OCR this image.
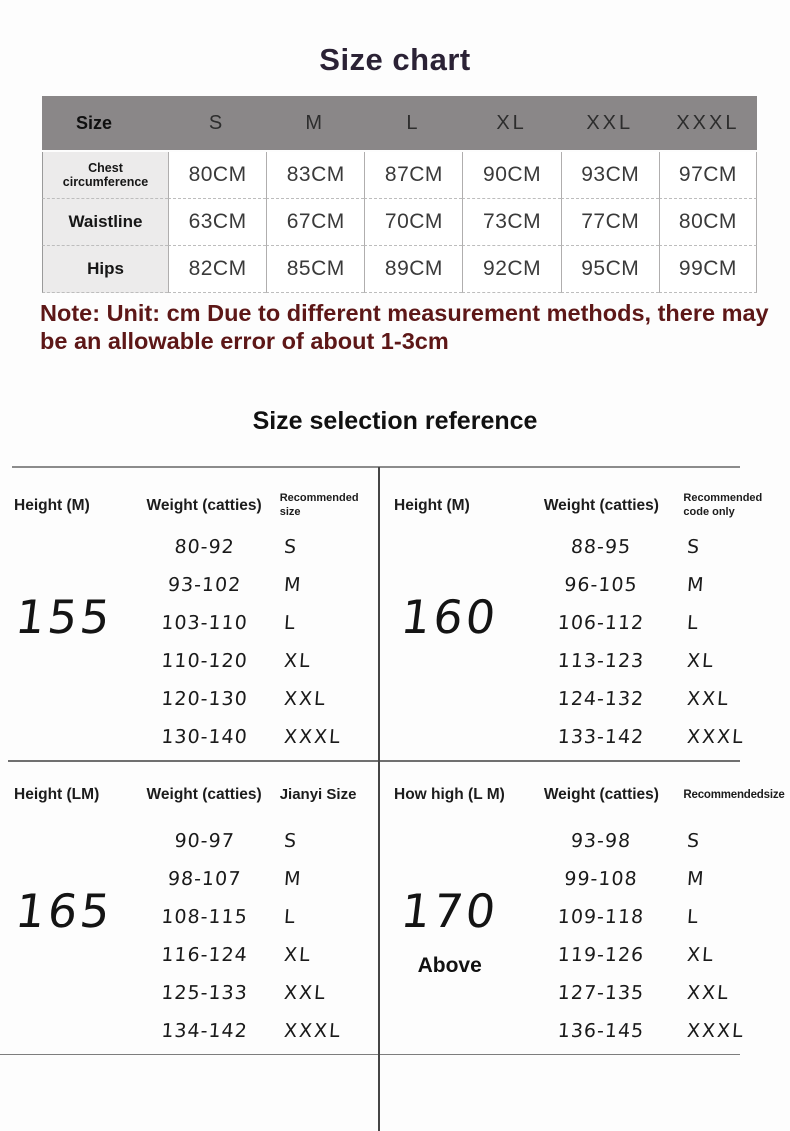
Size chart
Size	S	M	L	XL	XXL	XXXL
Chest circumference	80CM	83CM	87CM	90CM	93CM	97CM
Waistline	63CM	67CM	70CM	73CM	77CM	80CM
Hips	82CM	85CM	89CM	92CM	95CM	99CM
Note: Unit: cm Due to different measurement methods, there may be an allowable error of about 1-3cm
Size selection reference
Height (M)	Weight (catties)	Recommended size
155
80-92	S
93-102	M
103-110	L
110-120	XL
120-130	XXL
130-140	XXXL
Height (M)	Weight (catties)	Recommended code only
160
88-95	S
96-105	M
106-112	L
113-123	XL
124-132	XXL
133-142	XXXL
Height (LM)	Weight (catties)	Jianyi Size
165
90-97	S
98-107	M
108-115	L
116-124	XL
125-133	XXL
134-142	XXXL
How high (L M)	Weight (catties)	Recommendedsize
170
Above
93-98	S
99-108	M
109-118	L
119-126	XL
127-135	XXL
136-145	XXXL
